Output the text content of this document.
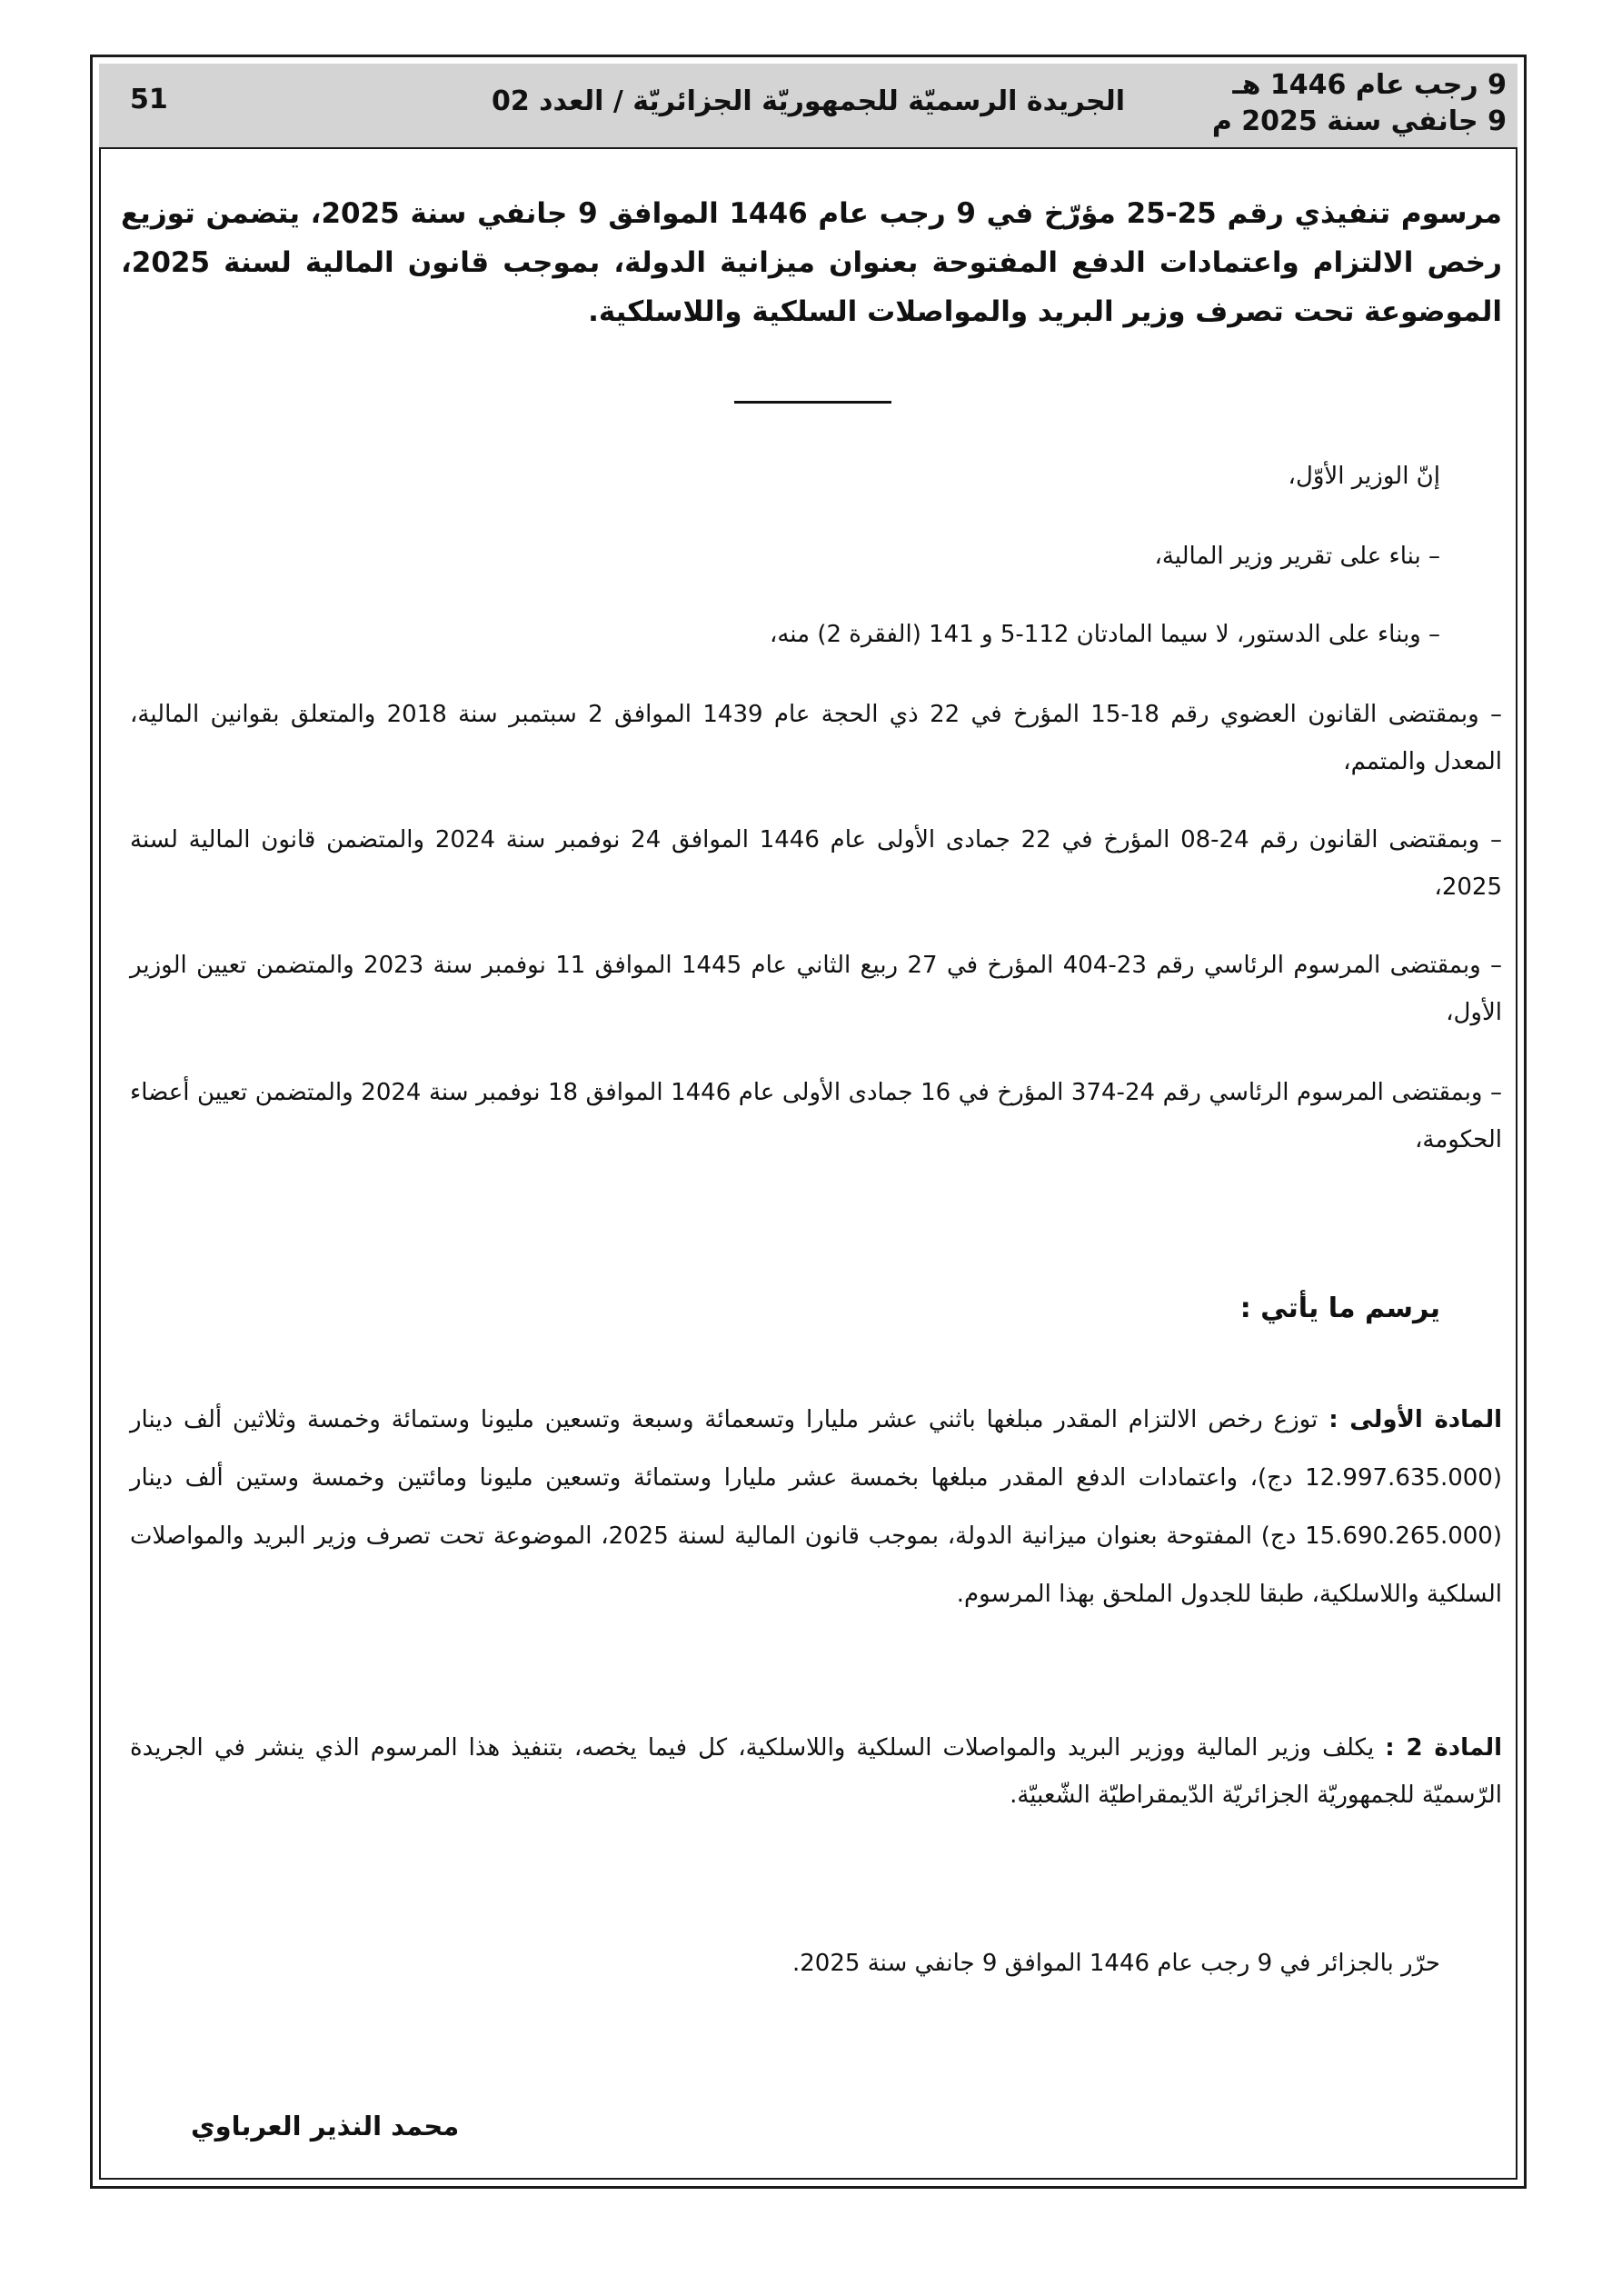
9 رجب عام 1446 هـ
9 جانفي سنة 2025 م
الجريدة الرسميّة للجمهوريّة الجزائريّة / العدد 02
51
مرسوم تنفيذي رقم 25-25 مؤرّخ في 9 رجب عام 1446 الموافق 9 جانفي سنة 2025، يتضمن توزيع رخص الالتزام واعتمادات الدفع المفتوحة بعنوان ميزانية الدولة، بموجب قانون المالية لسنة 2025، الموضوعة تحت تصرف وزير البريد والمواصلات السلكية واللاسلكية.
إنّ الوزير الأوّل،
– بناء على تقرير وزير المالية،
– وبناء على الدستور، لا سيما المادتان 112-5 و 141 (الفقرة 2) منه،
– وبمقتضى القانون العضوي رقم 18-15 المؤرخ في 22 ذي الحجة عام 1439 الموافق 2 سبتمبر سنة 2018 والمتعلق بقوانين المالية، المعدل والمتمم،
– وبمقتضى القانون رقم 24-08 المؤرخ في 22 جمادى الأولى عام 1446 الموافق 24 نوفمبر سنة 2024 والمتضمن قانون المالية لسنة 2025،
– وبمقتضى المرسوم الرئاسي رقم 23-404 المؤرخ في 27 ربيع الثاني عام 1445 الموافق 11 نوفمبر سنة 2023 والمتضمن تعيين الوزير الأول،
– وبمقتضى المرسوم الرئاسي رقم 24-374 المؤرخ في 16 جمادى الأولى عام 1446 الموافق 18 نوفمبر سنة 2024 والمتضمن تعيين أعضاء الحكومة،
يرسم ما يأتي :
المادة الأولى : توزع رخص الالتزام المقدر مبلغها باثني عشر مليارا وتسعمائة وسبعة وتسعين مليونا وستمائة وخمسة وثلاثين ألف دينار (12.997.635.000 دج)، واعتمادات الدفع المقدر مبلغها بخمسة عشر مليارا وستمائة وتسعين مليونا ومائتين وخمسة وستين ألف دينار (15.690.265.000 دج) المفتوحة بعنوان ميزانية الدولة، بموجب قانون المالية لسنة 2025، الموضوعة تحت تصرف وزير البريد والمواصلات السلكية واللاسلكية، طبقا للجدول الملحق بهذا المرسوم.
المادة 2 : يكلف وزير المالية ووزير البريد والمواصلات السلكية واللاسلكية، كل فيما يخصه، بتنفيذ هذا المرسوم الذي ينشر في الجريدة الرّسميّة للجمهوريّة الجزائريّة الدّيمقراطيّة الشّعبيّة.
حرّر بالجزائر في 9 رجب عام 1446 الموافق 9 جانفي سنة 2025.
محمد النذير العرباوي
